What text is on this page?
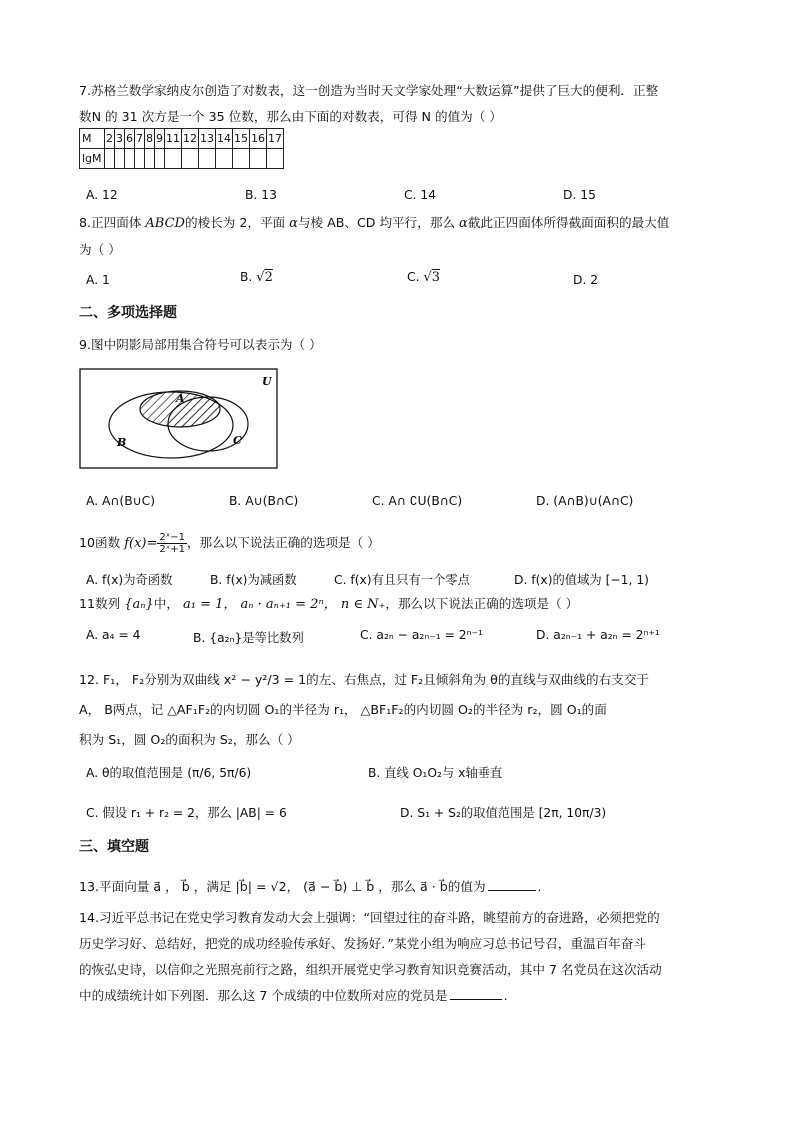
7.苏格兰数学家纳皮尔创造了对数表，这一创造为当时天文学家处理“大数运算”提供了巨大的便利．正整
数N 的 31 次方是一个 35 位数，那么由下面的对数表，可得 N 的值为（ ）
M	2	3	6	7	8	9	11	12	13	14	15	16	17
lgM													
A. 12	B. 13	C. 14	D. 15
8.正四面体 ABCD的棱长为 2，平面 α与棱 AB、CD 均平行，那么 α截此正四面体所得截面面积的最大值
为（ ）
A. 1	B. √2	C. √3	D. 2
二、多项选择题
9.图中阴影局部用集合符号可以表示为（ ）
U
A
B	C
A. A∩(B∪C)	B. A∪(B∩C)	C. A∩ ∁U(B∩C)	D. (A∩B)∪(A∩C)
10函数 $f(x)= \frac{\text{2ˣ−1}}{\text{2ˣ+1}}$ ，那么以下说法正确的选项是（ ）
A. f(x)为奇函数	B. f(x)为减函数	C. f(x)有且只有一个零点	D. f(x)的值域为 [−1, 1)
11数列 {aₙ}中， a₁ = 1， aₙ · aₙ₊₁ = 2ⁿ， n ∈ N₊，那么以下说法正确的选项是（ ）
A. a₄ = 4	B. {a₂ₙ}是等比数列	C. a₂ₙ − a₂ₙ₋₁ = 2ⁿ⁻¹	D. a₂ₙ₋₁ + a₂ₙ = 2ⁿ⁺¹
12. F₁， F₂分别为双曲线 x² − y²/3 = 1的左、右焦点，过 F₂且倾斜角为 θ的直线与双曲线的右支交于
A， B两点，记 △AF₁F₂的内切圆 O₁的半径为 r₁， △BF₁F₂的内切圆 O₂的半径为 r₂，圆 O₁的面
积为 S₁，圆 O₂的面积为 S₂，那么（ ）
A. θ的取值范围是 (π/6, 5π/6)	B. 直线 O₁O₂与 x轴垂直
C. 假设 r₁ + r₂ = 2，那么 |AB| = 6	D. S₁ + S₂的取值范围是 [2π, 10π/3)
三、填空题
13.平面向量 a⃗ ， b⃗ ，满足 |b⃗| = √2， (a⃗ − b⃗) ⊥ b⃗ ，那么 a⃗ · b⃗的值为	.
14.习近平总书记在党史学习教育发动大会上强调：“回望过往的奋斗路，眺望前方的奋进路，必须把党的
历史学习好、总结好，把党的成功经验传承好、发扬好．”某党小组为响应习总书记号召，重温百年奋斗
的恢弘史诗，以信仰之光照亮前行之路，组织开展党史学习教育知识竞赛活动，其中 7 名党员在这次活动
中的成绩统计如下列图．那么这 7 个成绩的中位数所对应的党员是	.
